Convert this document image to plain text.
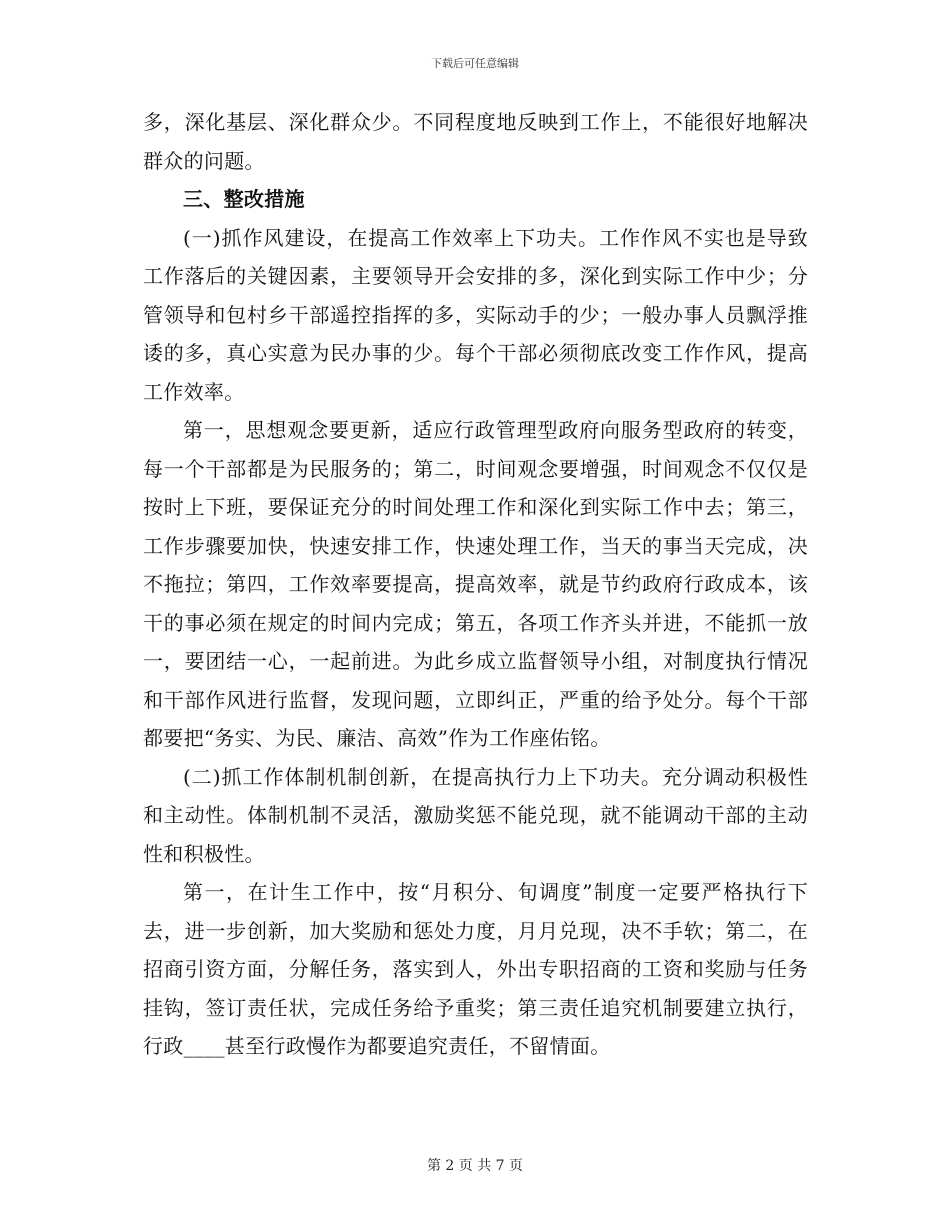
下载后可任意编辑

多，深化基层、深化群众少。不同程度地反映到工作上，不能很好地解决群众的问题。

三、整改措施

(一)抓作风建设，在提高工作效率上下功夫。工作作风不实也是导致工作落后的关键因素，主要领导开会安排的多，深化到实际工作中少；分管领导和包村乡干部遥控指挥的多，实际动手的少；一般办事人员飘浮推诿的多，真心实意为民办事的少。每个干部必须彻底改变工作作风，提高工作效率。

第一，思想观念要更新，适应行政管理型政府向服务型政府的转变，每一个干部都是为民服务的；第二，时间观念要增强，时间观念不仅仅是按时上下班，要保证充分的时间处理工作和深化到实际工作中去；第三，工作步骤要加快，快速安排工作，快速处理工作，当天的事当天完成，决不拖拉；第四，工作效率要提高，提高效率，就是节约政府行政成本，该干的事必须在规定的时间内完成；第五，各项工作齐头并进，不能抓一放一，要团结一心，一起前进。为此乡成立监督领导小组，对制度执行情况和干部作风进行监督，发现问题，立即纠正，严重的给予处分。每个干部都要把“务实、为民、廉洁、高效”作为工作座佑铭。

(二)抓工作体制机制创新，在提高执行力上下功夫。充分调动积极性和主动性。体制机制不灵活，激励奖惩不能兑现，就不能调动干部的主动性和积极性。

第一，在计生工作中，按“月积分、旬调度”制度一定要严格执行下去，进一步创新，加大奖励和惩处力度，月月兑现，决不手软；第二，在招商引资方面，分解任务，落实到人，外出专职招商的工资和奖励与任务挂钩，签订责任状，完成任务给予重奖；第三责任追究机制要建立执行，行政____甚至行政慢作为都要追究责任，不留情面。

第 2 页 共 7 页
